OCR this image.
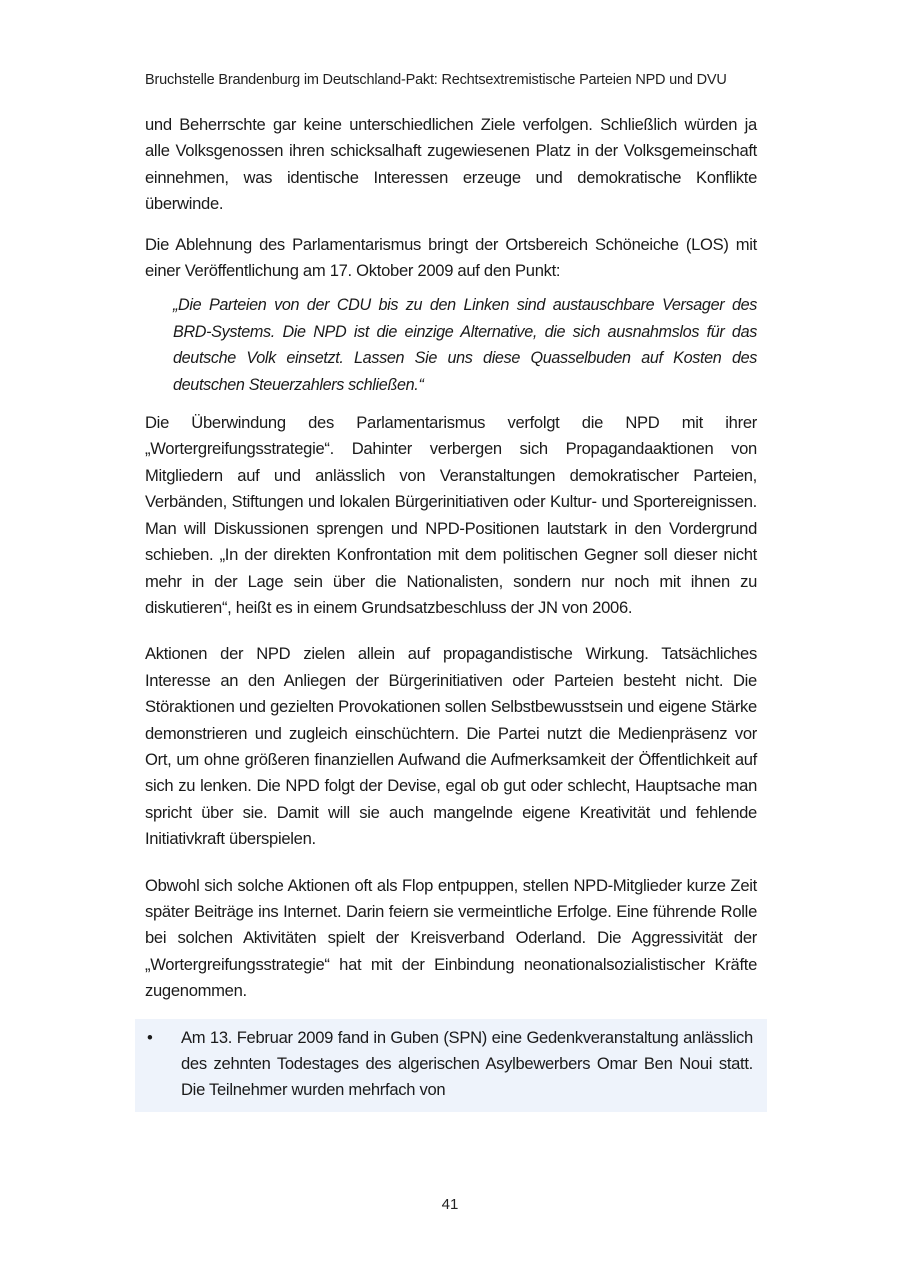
Bruchstelle Brandenburg im Deutschland-Pakt: Rechtsextremistische Parteien NPD und DVU

und Beherrschte gar keine unterschiedlichen Ziele verfolgen. Schließlich würden ja alle Volksgenossen ihren schicksalhaft zugewiesenen Platz in der Volksgemeinschaft einnehmen, was identische Interessen erzeuge und demokratische Konflikte überwinde.

Die Ablehnung des Parlamentarismus bringt der Ortsbereich Schöneiche (LOS) mit einer Veröffentlichung am 17. Oktober 2009 auf den Punkt:

„Die Parteien von der CDU bis zu den Linken sind austauschbare Versager des BRD-Systems. Die NPD ist die einzige Alternative, die sich ausnahmslos für das deutsche Volk einsetzt. Lassen Sie uns diese Quasselbuden auf Kosten des deutschen Steuerzahlers schließen.“

Die Überwindung des Parlamentarismus verfolgt die NPD mit ihrer „Wortergreifungsstrategie“. Dahinter verbergen sich Propagandaaktionen von Mitgliedern auf und anlässlich von Veranstaltungen demokratischer Parteien, Verbänden, Stiftungen und lokalen Bürgerinitiativen oder Kultur- und Sportereignissen. Man will Diskussionen sprengen und NPD-Positionen lautstark in den Vordergrund schieben. „In der direkten Konfrontation mit dem politischen Gegner soll dieser nicht mehr in der Lage sein über die Nationalisten, sondern nur noch mit ihnen zu diskutieren“, heißt es in einem Grundsatzbeschluss der JN von 2006.

Aktionen der NPD zielen allein auf propagandistische Wirkung. Tatsächliches Interesse an den Anliegen der Bürgerinitiativen oder Parteien besteht nicht. Die Störaktionen und gezielten Provokationen sollen Selbstbewusstsein und eigene Stärke demonstrieren und zugleich einschüchtern. Die Partei nutzt die Medienpräsenz vor Ort, um ohne größeren finanziellen Aufwand die Aufmerksamkeit der Öffentlichkeit auf sich zu lenken. Die NPD folgt der Devise, egal ob gut oder schlecht, Hauptsache man spricht über sie. Damit will sie auch mangelnde eigene Kreativität und fehlende Initiativkraft überspielen.

Obwohl sich solche Aktionen oft als Flop entpuppen, stellen NPD-Mitglieder kurze Zeit später Beiträge ins Internet. Darin feiern sie vermeintliche Erfolge. Eine führende Rolle bei solchen Aktivitäten spielt der Kreisverband Oderland. Die Aggressivität der „Wortergreifungsstrategie“ hat mit der Einbindung neonationalsozialistischer Kräfte zugenommen.

•	Am 13. Februar 2009 fand in Guben (SPN) eine Gedenkveranstaltung anlässlich des zehnten Todestages des algerischen Asylbewerbers Omar Ben Noui statt. Die Teilnehmer wurden mehrfach von
41
